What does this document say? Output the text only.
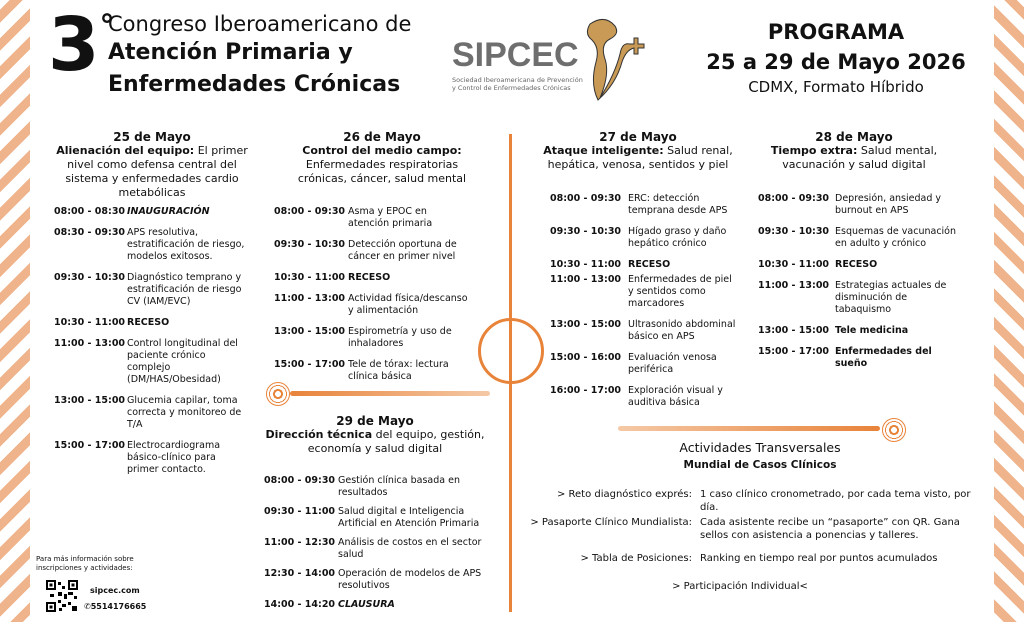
3°
Congreso Iberoamericano de
Atención Primaria y
Enfermedades Crónicas
SIPCEC
Sociedad Iberoamericana de Prevención
y Control de Enfermedades Crónicas
PROGRAMA
25 a 29 de Mayo 2026
CDMX, Formato Híbrido
25 de Mayo
Alienación del equipo: El primer nivel como defensa central del sistema y enfermedades cardio metabólicas
08:00 - 08:30 INAUGURACIÓN
08:30 - 09:30 APS resolutiva, estratificación de riesgo, modelos exitosos.
09:30 - 10:30 Diagnóstico temprano y estratificación de riesgo CV (IAM/EVC)
10:30 - 11:00 RECESO
11:00 - 13:00 Control longitudinal del paciente crónico complejo (DM/HAS/Obesidad)
13:00 - 15:00 Glucemia capilar, toma correcta y monitoreo de T/A
15:00 - 17:00 Electrocardiograma básico-clínico para primer contacto.
26 de Mayo
Control del medio campo: Enfermedades respiratorias crónicas, cáncer, salud mental
08:00 - 09:30 Asma y EPOC en atención primaria
09:30 - 10:30 Detección oportuna de cáncer en primer nivel
10:30 - 11:00 RECESO
11:00 - 13:00 Actividad física/descanso y alimentación
13:00 - 15:00 Espirometría y uso de inhaladores
15:00 - 17:00 Tele de tórax: lectura clínica básica
29 de Mayo
Dirección técnica del equipo, gestión, economía y salud digital
08:00 - 09:30 Gestión clínica basada en resultados
09:30 - 11:00 Salud digital e Inteligencia Artificial en Atención Primaria
11:00 - 12:30 Análisis de costos en el sector salud
12:30 - 14:00 Operación de modelos de APS resolutivos
14:00 - 14:20 CLAUSURA
27 de Mayo
Ataque inteligente: Salud renal, hepática, venosa, sentidos y piel
08:00 - 09:30 ERC: detección temprana desde APS
09:30 - 10:30 Hígado graso y daño hepático crónico
10:30 - 11:00 RECESO
11:00 - 13:00 Enfermedades de piel y sentidos como marcadores
13:00 - 15:00 Ultrasonido abdominal básico en APS
15:00 - 16:00 Evaluación venosa periférica
16:00 - 17:00 Exploración visual y auditiva básica
28 de Mayo
Tiempo extra: Salud mental, vacunación y salud digital
08:00 - 09:30 Depresión, ansiedad y burnout en APS
09:30 - 10:30 Esquemas de vacunación en adulto y crónico
10:30 - 11:00 RECESO
11:00 - 13:00 Estrategias actuales de disminución de tabaquismo
13:00 - 15:00 Tele medicina
15:00 - 17:00 Enfermedades del sueño
Actividades Transversales
Mundial de Casos Clínicos
> Reto diagnóstico exprés: 1 caso clínico cronometrado, por cada tema visto, por día.
> Pasaporte Clínico Mundialista: Cada asistente recibe un “pasaporte” con QR. Gana sellos con asistencia a ponencias y talleres.
> Tabla de Posiciones: Ranking en tiempo real por puntos acumulados
> Participación Individual<
Para más información sobre inscripciones y actividades:
sipcec.com
✆5514176665
